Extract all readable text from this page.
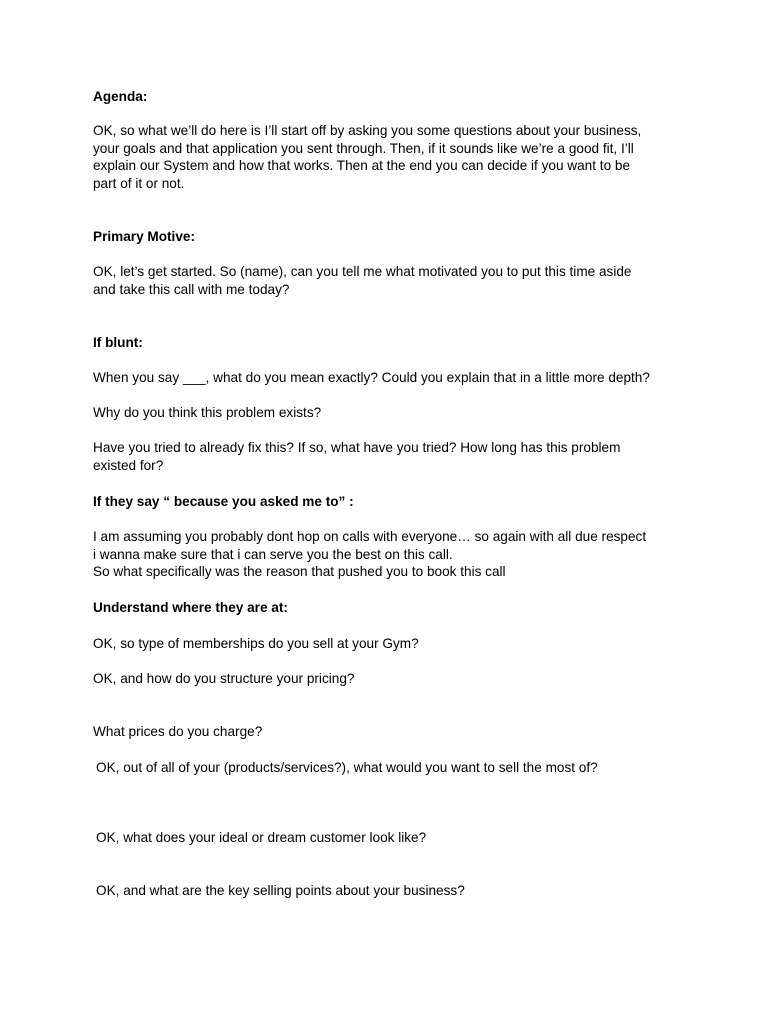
Agenda:

OK, so what we’ll do here is I’ll start off by asking you some questions about your business,
your goals and that application you sent through. Then, if it sounds like we’re a good fit, I’ll
explain our System and how that works. Then at the end you can decide if you want to be
part of it or not.

Primary Motive:

OK, let’s get started. So (name), can you tell me what motivated you to put this time aside
and take this call with me today?

If blunt:

When you say ___, what do you mean exactly? Could you explain that in a little more depth?

Why do you think this problem exists?

Have you tried to already fix this? If so, what have you tried? How long has this problem
existed for?

If they say “ because you asked me to” :

I am assuming you probably dont hop on calls with everyone… so again with all due respect
i wanna make sure that i can serve you the best on this call.
So what specifically was the reason that pushed you to book this call

Understand where they are at:

OK, so type of memberships do you sell at your Gym?

OK, and how do you structure your pricing?

What prices do you charge?

OK, out of all of your (products/services?), what would you want to sell the most of?

OK, what does your ideal or dream customer look like?

OK, and what are the key selling points about your business?
